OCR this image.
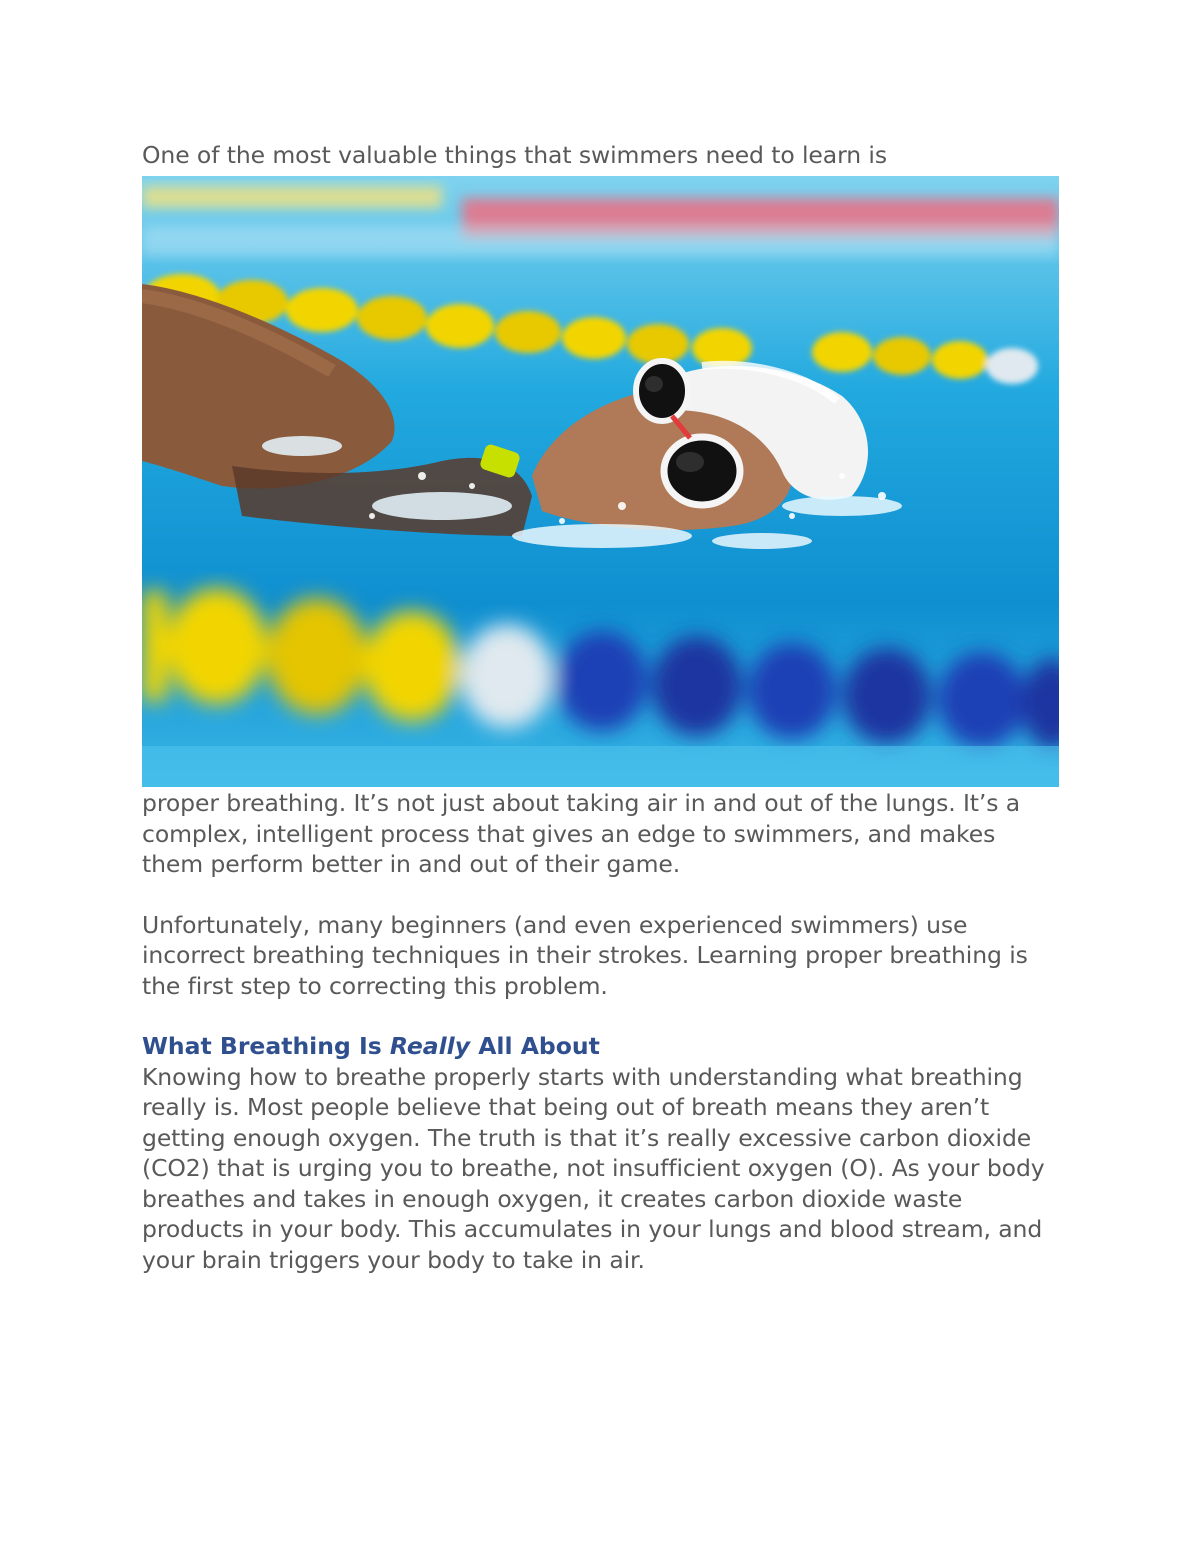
One of the most valuable things that swimmers need to learn is

proper breathing. It’s not just about taking air in and out of the lungs. It’s a complex, intelligent process that gives an edge to swimmers, and makes them perform better in and out of their game.

Unfortunately, many beginners (and even experienced swimmers) use incorrect breathing techniques in their strokes. Learning proper breathing is the first step to correcting this problem.

What Breathing Is Really All About

Knowing how to breathe properly starts with understanding what breathing really is. Most people believe that being out of breath means they aren’t getting enough oxygen. The truth is that it’s really excessive carbon dioxide (CO2) that is urging you to breathe, not insufficient oxygen (O). As your body breathes and takes in enough oxygen, it creates carbon dioxide waste products in your body. This accumulates in your lungs and blood stream, and your brain triggers your body to take in air.
